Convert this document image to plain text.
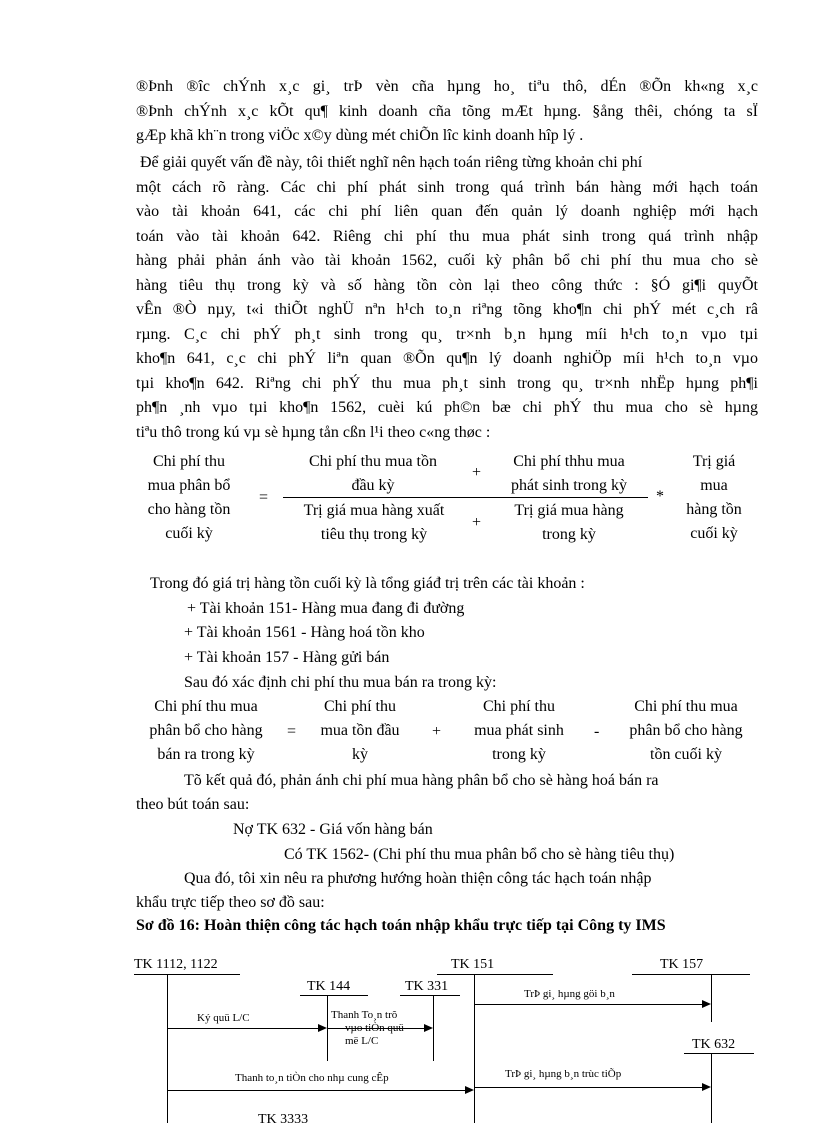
®Þnh ®îc chÝnh x¸c gi¸ trÞ vèn cña hµng ho¸ tiªu thô, dÉn ®Õn kh«ng x¸c
®Þnh chÝnh x¸c kÕt qu¶ kinh doanh cña tõng mÆt hµng. §ång thêi, chóng ta sÏ
gÆp khã kh¨n trong viÖc x©y dùng mét chiÕn lîc kinh doanh hîp lý .
Để giải quyết vấn đề này, tôi thiết nghĩ nên hạch toán riêng từng khoản chi phí
một cách rõ ràng. Các chi phí phát sinh trong quá trình bán hàng mới hạch toán
vào tài khoản 641, các chi phí liên quan đến quản lý doanh nghiệp mới hạch
toán vào tài khoản 642. Riêng chi phí thu mua phát sinh trong quá trình nhập
hàng phải phản ánh vào tài khoản 1562, cuối kỳ phân bổ chi phí thu mua cho sè
hàng tiêu thụ trong kỳ và số hàng tồn còn lại theo công thức : §Ó gi¶i quyÕt
vÊn ®Ò nµy, t«i thiÕt nghÜ nªn h¹ch to¸n riªng tõng kho¶n chi phÝ mét c¸ch râ
rµng. C¸c chi phÝ ph¸t sinh trong qu¸ tr×nh b¸n hµng míi h¹ch to¸n vµo tµi
kho¶n 641, c¸c chi phÝ liªn quan ®Õn qu¶n lý doanh nghiÖp míi h¹ch to¸n vµo
tµi kho¶n 642. Riªng chi phÝ thu mua ph¸t sinh trong qu¸ tr×nh nhËp hµng ph¶i
ph¶n ¸nh vµo tµi kho¶n 1562, cuèi kú ph©n bæ chi phÝ thu mua cho sè hµng
tiªu thô trong kú vµ sè hµng tån cßn l¹i theo c«ng thøc :
Chi phí thu
mua phân bổ
cho hàng tồn
cuối kỳ
=
Chi phí thu mua tồn
đầu kỳ
+
Chi phí thhu mua
phát sinh trong kỳ
Trị giá mua hàng xuất
tiêu thụ trong kỳ
+
Trị giá mua hàng
trong kỳ
*
Trị giá
mua
hàng tồn
cuối kỳ
Trong đó giá trị hàng tồn cuối kỳ là tổng giáđ trị trên các tài khoản :
+ Tài khoản 151- Hàng mua đang đi đường
+ Tài khoản 1561 - Hàng hoá tồn kho
+ Tài khoản 157 - Hàng gửi bán
Sau đó xác định chi phí thu mua bán ra trong kỳ:
Chi phí thu mua
phân bổ cho hàng
bán ra trong kỳ
=
Chi phí thu
mua tồn đầu
kỳ
+
Chi phí thu
mua phát sinh
trong kỳ
-
Chi phí thu mua
phân bổ cho hàng
tồn cuối kỳ
Tõ kết quả đó, phản ánh chi phí mua hàng phân bổ cho sè hàng hoá bán ra
theo bút toán sau:
Nợ TK 632 - Giá vốn hàng bán
Có TK 1562- (Chi phí thu mua phân bổ cho sè hàng tiêu thụ)
Qua đó, tôi xin nêu ra phương hướng hoàn thiện công tác hạch toán nhập
khẩu trực tiếp theo sơ đồ sau:
Sơ đồ 16: Hoàn thiện công tác hạch toán nhập khẩu trực tiếp tại Công ty IMS
TK 1112, 1122
TK 144	TK 331
TK 151	TK 157
TK 632
TK 3333
Ký quü L/C	Thanh To¸n trõ
vµo tiÒn quü
më L/C
TrÞ gi¸ hµng göi b¸n
Thanh to¸n tiÒn cho nhµ cung cÊp	TrÞ gi¸ hµng b¸n trùc tiÕp
